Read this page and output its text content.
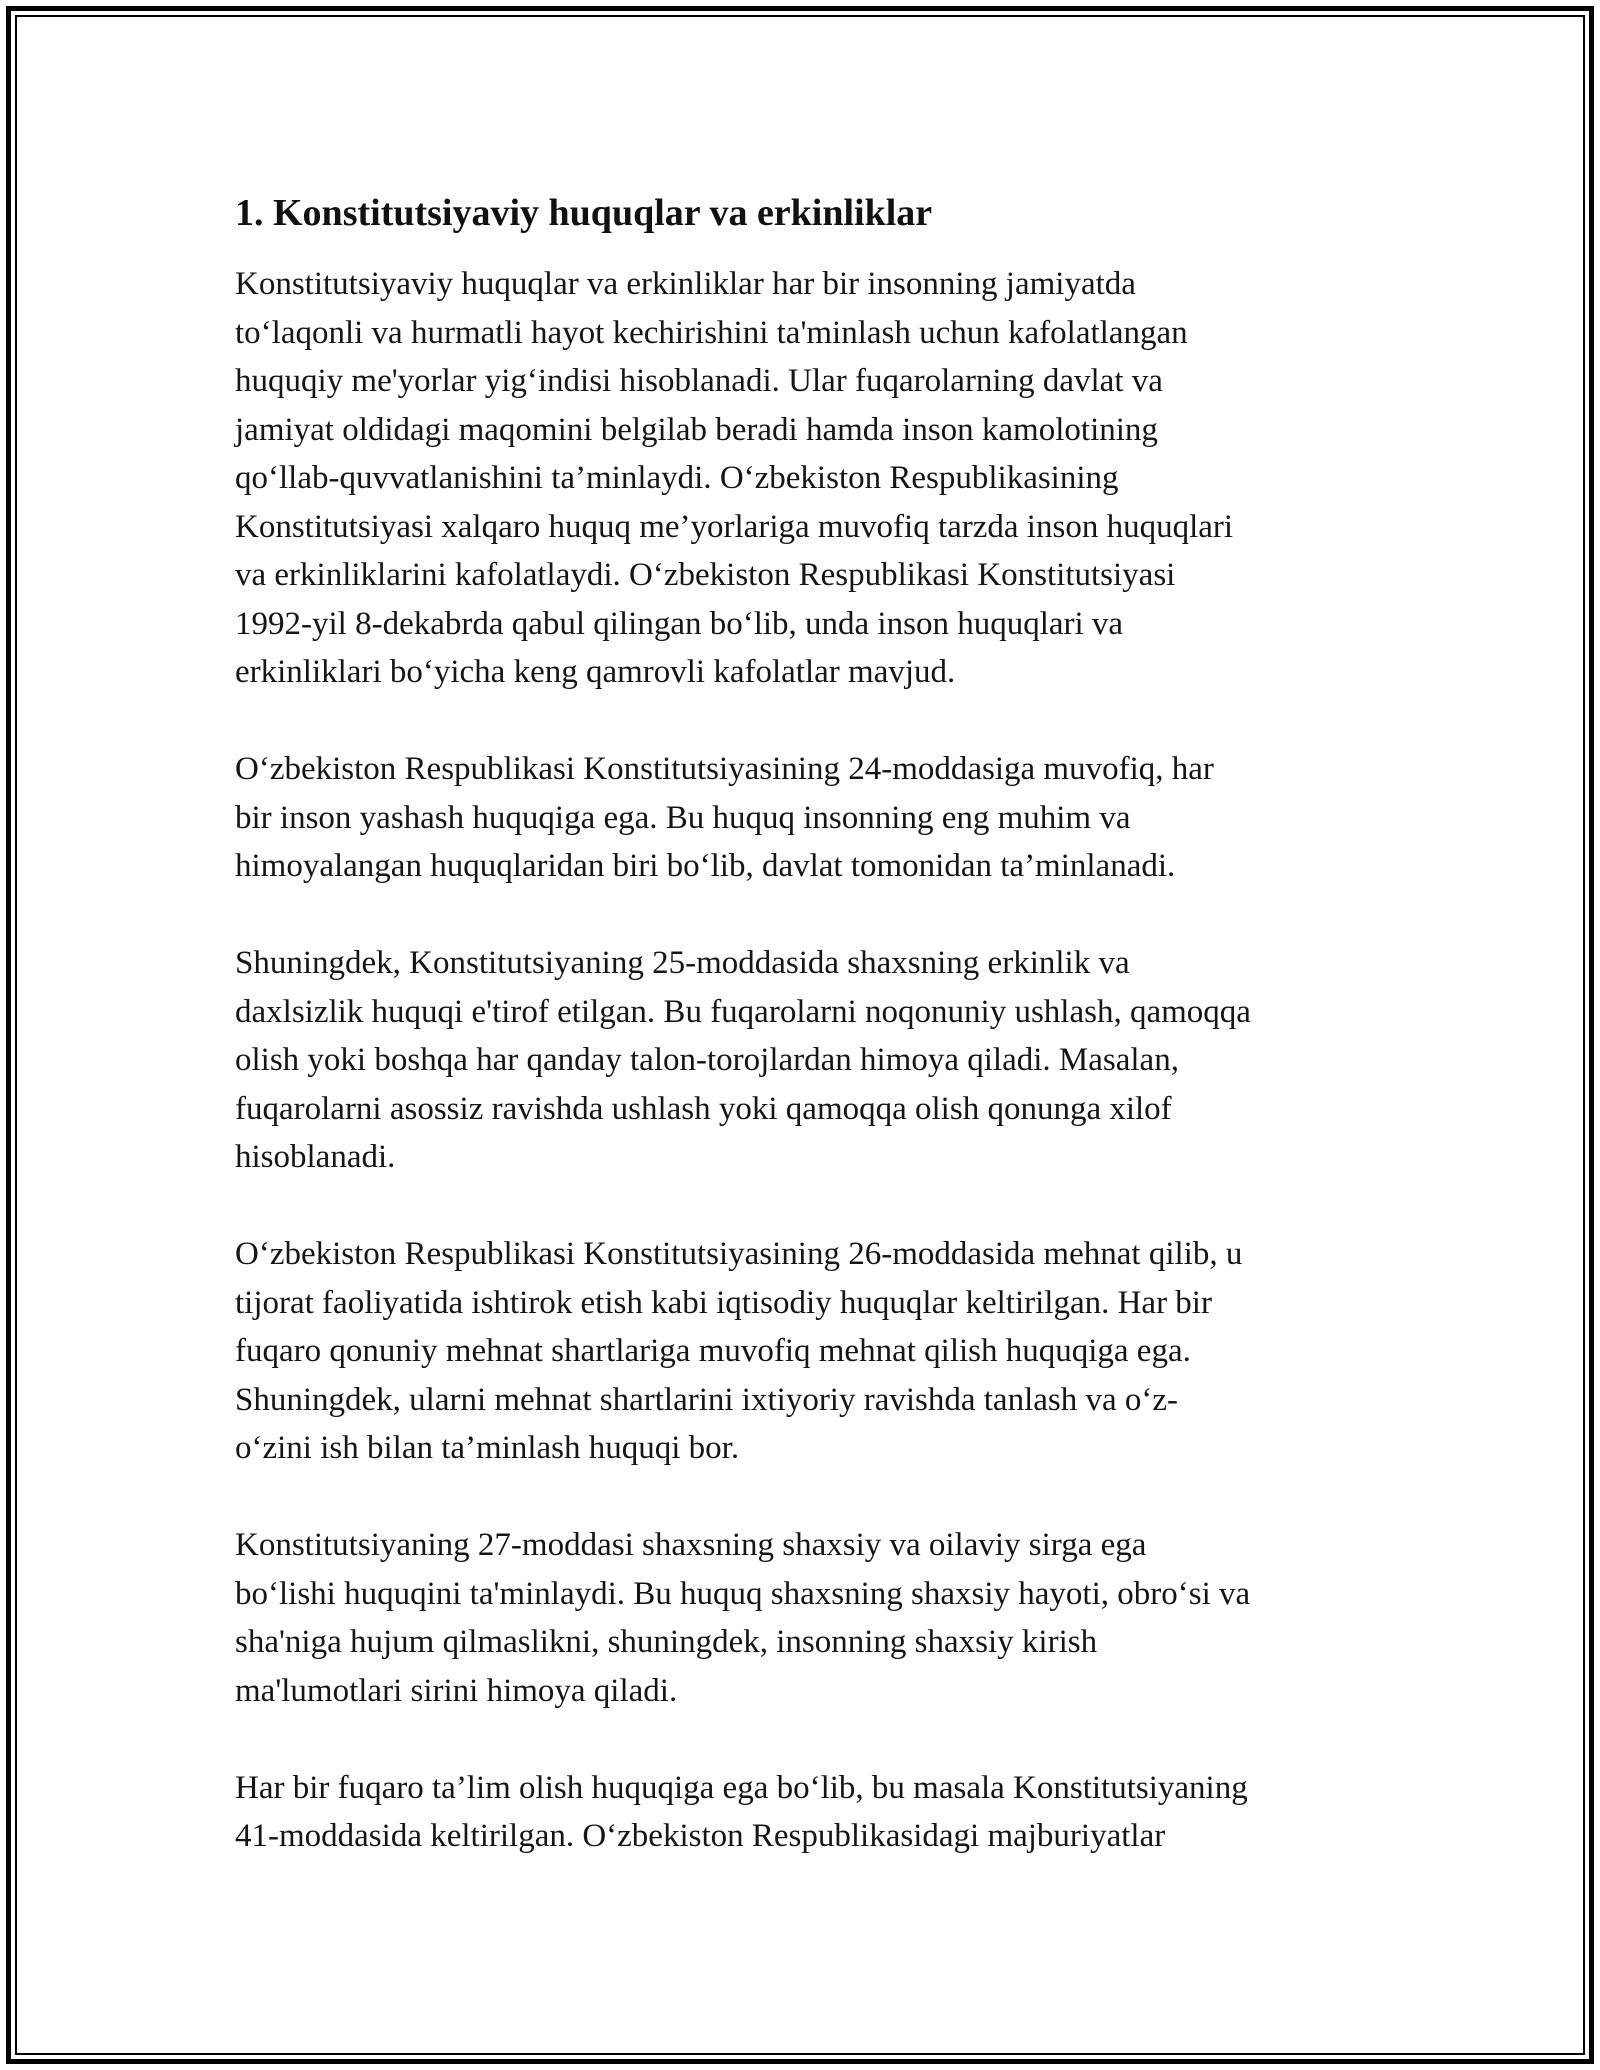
1. Konstitutsiyaviy huquqlar va erkinliklar

Konstitutsiyaviy huquqlar va erkinliklar har bir insonning jamiyatda
to‘laqonli va hurmatli hayot kechirishini ta'minlash uchun kafolatlangan
huquqiy me'yorlar yig‘indisi hisoblanadi. Ular fuqarolarning davlat va
jamiyat oldidagi maqomini belgilab beradi hamda inson kamolotining
qo‘llab-quvvatlanishini ta’minlaydi. O‘zbekiston Respublikasining
Konstitutsiyasi xalqaro huquq me’yorlariga muvofiq tarzda inson huquqlari
va erkinliklarini kafolatlaydi. O‘zbekiston Respublikasi Konstitutsiyasi
1992-yil 8-dekabrda qabul qilingan bo‘lib, unda inson huquqlari va
erkinliklari bo‘yicha keng qamrovli kafolatlar mavjud.

O‘zbekiston Respublikasi Konstitutsiyasining 24-moddasiga muvofiq, har
bir inson yashash huquqiga ega. Bu huquq insonning eng muhim va
himoyalangan huquqlaridan biri bo‘lib, davlat tomonidan ta’minlanadi.

Shuningdek, Konstitutsiyaning 25-moddasida shaxsning erkinlik va
daxlsizlik huquqi e'tirof etilgan. Bu fuqarolarni noqonuniy ushlash, qamoqqa
olish yoki boshqa har qanday talon-torojlardan himoya qiladi. Masalan,
fuqarolarni asossiz ravishda ushlash yoki qamoqqa olish qonunga xilof
hisoblanadi.

O‘zbekiston Respublikasi Konstitutsiyasining 26-moddasida mehnat qilib, u
tijorat faoliyatida ishtirok etish kabi iqtisodiy huquqlar keltirilgan. Har bir
fuqaro qonuniy mehnat shartlariga muvofiq mehnat qilish huquqiga ega.
Shuningdek, ularni mehnat shartlarini ixtiyoriy ravishda tanlash va o‘z-
o‘zini ish bilan ta’minlash huquqi bor.

Konstitutsiyaning 27-moddasi shaxsning shaxsiy va oilaviy sirga ega
bo‘lishi huquqini ta'minlaydi. Bu huquq shaxsning shaxsiy hayoti, obro‘si va
sha'niga hujum qilmaslikni, shuningdek, insonning shaxsiy kirish
ma'lumotlari sirini himoya qiladi.

Har bir fuqaro ta’lim olish huquqiga ega bo‘lib, bu masala Konstitutsiyaning
41-moddasida keltirilgan. O‘zbekiston Respublikasidagi majburiyatlar
